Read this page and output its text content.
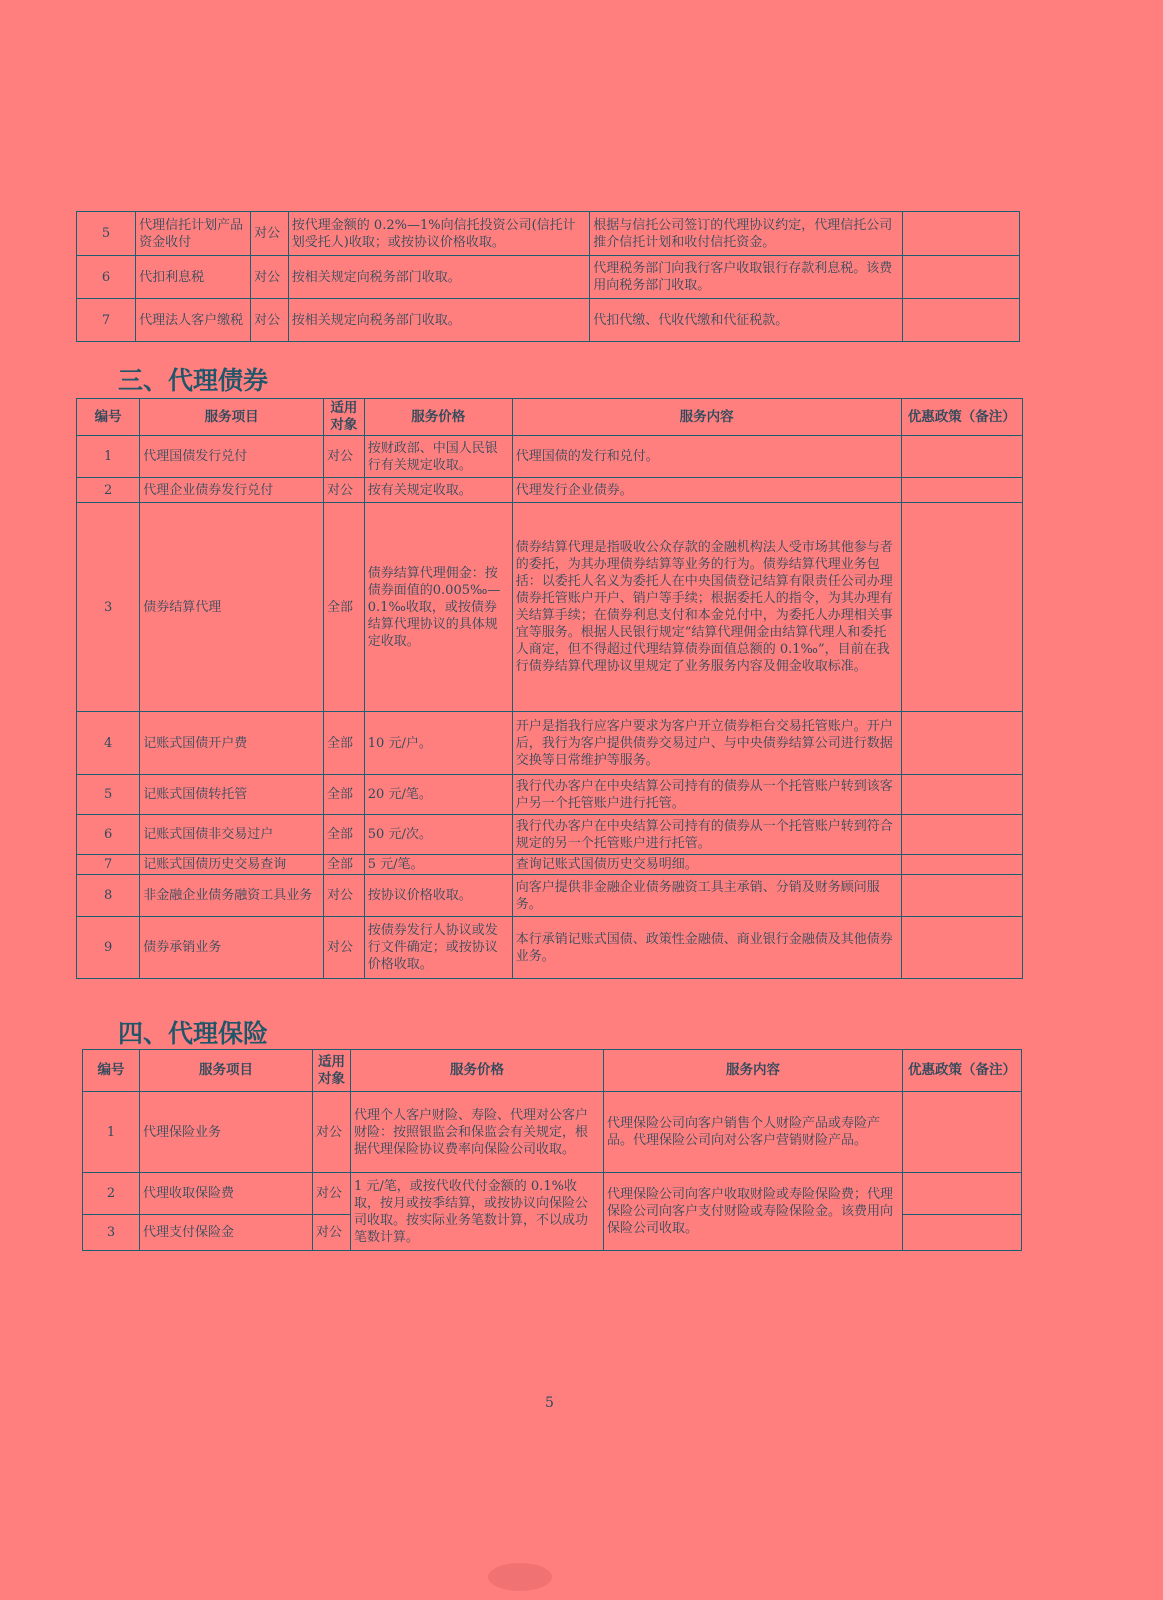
5	代理信托计划产品资金收付	对公	按代理金额的 0.2%—1%向信托投资公司(信托计划受托人)收取；或按协议价格收取。	根据与信托公司签订的代理协议约定，代理信托公司推介信托计划和收付信托资金。	
6	代扣利息税	对公	按相关规定向税务部门收取。	代理税务部门向我行客户收取银行存款利息税。该费用向税务部门收取。	
7	代理法人客户缴税	对公	按相关规定向税务部门收取。	代扣代缴、代收代缴和代征税款。	
三、代理债券
编号	服务项目	适用对象	服务价格	服务内容	优惠政策（备注）
1	代理国债发行兑付	对公	按财政部、中国人民银行有关规定收取。	代理国债的发行和兑付。	
2	代理企业债券发行兑付	对公	按有关规定收取。	代理发行企业债券。	
3	债券结算代理	全部	债券结算代理佣金：按债券面值的0.005‰—0.1‰收取，或按债券结算代理协议的具体规定收取。	债券结算代理是指吸收公众存款的金融机构法人受市场其他参与者的委托，为其办理债券结算等业务的行为。债券结算代理业务包括：以委托人名义为委托人在中央国债登记结算有限责任公司办理债券托管账户开户、销户等手续；根据委托人的指令，为其办理有关结算手续；在债券利息支付和本金兑付中，为委托人办理相关事宜等服务。根据人民银行规定“结算代理佣金由结算代理人和委托人商定，但不得超过代理结算债券面值总额的 0.1‰”，目前在我行债券结算代理协议里规定了业务服务内容及佣金收取标准。	
4	记账式国债开户费	全部	10 元/户。	开户是指我行应客户要求为客户开立债券柜台交易托管账户。开户后，我行为客户提供债券交易过户、与中央债券结算公司进行数据交换等日常维护等服务。	
5	记账式国债转托管	全部	20 元/笔。	我行代办客户在中央结算公司持有的债券从一个托管账户转到该客户另一个托管账户进行托管。	
6	记账式国债非交易过户	全部	50 元/次。	我行代办客户在中央结算公司持有的债券从一个托管账户转到符合规定的另一个托管账户进行托管。	
7	记账式国债历史交易查询	全部	5 元/笔。	查询记账式国债历史交易明细。	
8	非金融企业债务融资工具业务	对公	按协议价格收取。	向客户提供非金融企业债务融资工具主承销、分销及财务顾问服务。	
9	债券承销业务	对公	按债券发行人协议或发行文件确定；或按协议价格收取。	本行承销记账式国债、政策性金融债、商业银行金融债及其他债券业务。	
四、代理保险
编号	服务项目	适用对象	服务价格	服务内容	优惠政策（备注）
1	代理保险业务	对公	代理个人客户财险、寿险、代理对公客户财险：按照银监会和保监会有关规定，根据代理保险协议费率向保险公司收取。	代理保险公司向客户销售个人财险产品或寿险产品。代理保险公司向对公客户营销财险产品。	
2	代理收取保险费	对公	1 元/笔，或按代收代付金额的 0.1%收取，按月或按季结算，或按协议向保险公司收取。按实际业务笔数计算，不以成功笔数计算。	代理保险公司向客户收取财险或寿险保险费；代理保险公司向客户支付财险或寿险保险金。该费用向保险公司收取。	
3	代理支付保险金	对公			
5
